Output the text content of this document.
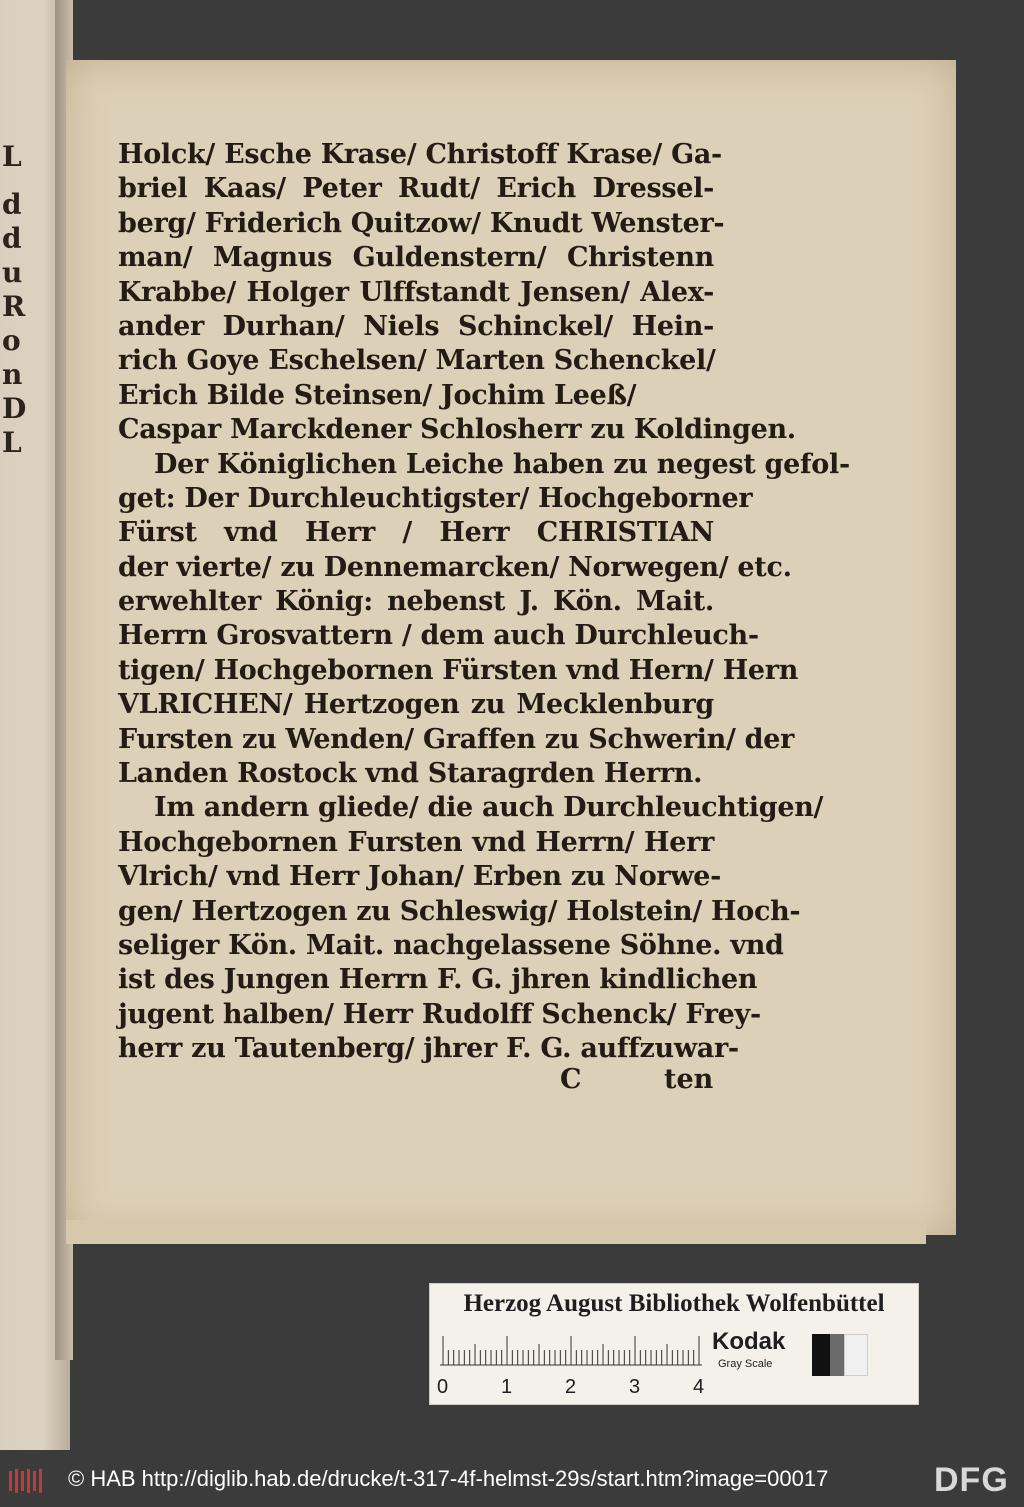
L
d
d
u
R
o
n
D
L
Holck/ Esche Krase/ Christoff Krase/ Ga-
briel Kaas/ Peter Rudt/ Erich Dressel-
berg/ Friderich Quitzow/ Knudt Wenster-
man/ Magnus Guldenstern/ Christenn
Krabbe/ Holger Ulffstandt Jensen/ Alex-
ander Durhan/ Niels Schinckel/ Hein-
rich Goye Eschelsen/ Marten Schenckel/
Erich Bilde Steinsen/ Jochim Leeß/
Caspar Marckdener Schlosherr zu Koldingen.
Der Königlichen Leiche haben zu negest gefol-
get: Der Durchleuchtigster/ Hochgeborner
Fürst vnd Herr / Herr CHRISTIAN
der vierte/ zu Dennemarcken/ Norwegen/ etc.
erwehlter König: nebenst J. Kön. Mait.
Herrn Grosvattern / dem auch Durchleuch-
tigen/ Hochgebornen Fürsten vnd Hern/ Hern
VLRICHEN/ Hertzogen zu Mecklenburg
Fursten zu Wenden/ Graffen zu Schwerin/ der
Landen Rostock vnd Staragrden Herrn.
Im andern gliede/ die auch Durchleuchtigen/
Hochgebornen Fursten vnd Herrn/ Herr
Vlrich/ vnd Herr Johan/ Erben zu Norwe-
gen/ Hertzogen zu Schleswig/ Holstein/ Hoch-
seliger Kön. Mait. nachgelassene Söhne. vnd
ist des Jungen Herrn F. G. jhren kindlichen
jugent halben/ Herr Rudolff Schenck/ Frey-
herr zu Tautenberg/ jhrer F. G. auffzuwar-
C	ten
Herzog August Bibliothek Wolfenbüttel
Kodak
Gray Scale
0	1	2	3	4
© HAB http://diglib.hab.de/drucke/t-317-4f-helmst-29s/start.htm?image=00017	DFG
